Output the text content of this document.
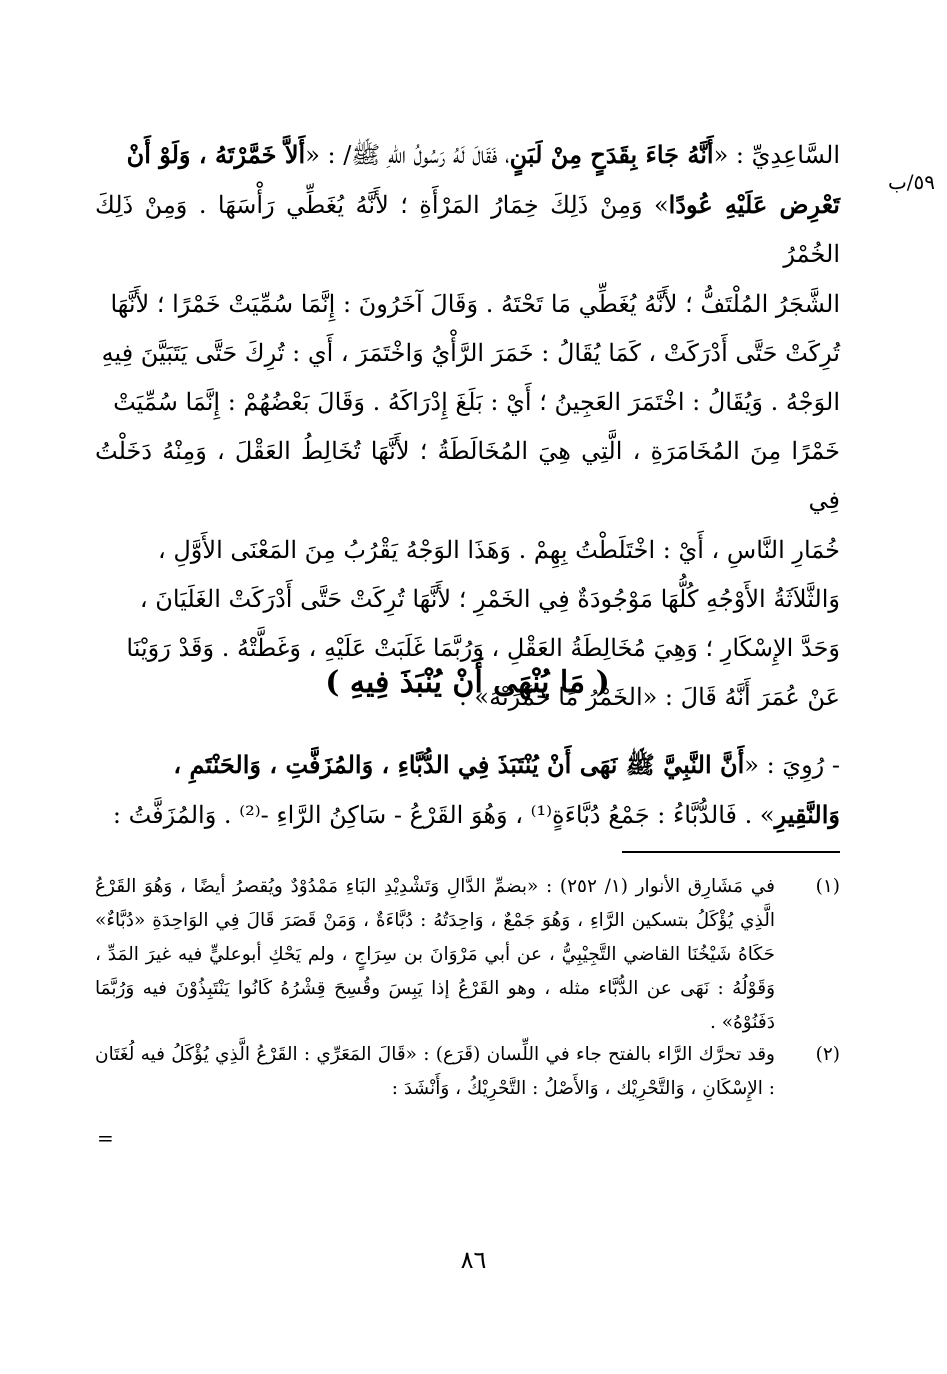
٥٩/ب

السَّاعِدِيِّ : «أَنَّهُ جَاءَ بِقَدَحٍ مِنْ لَبَنٍ، فَقَالَ لَهُ رَسُولُ اللهِ ﷺ/ : «أَلاَّ خَمَّرْتَهُ ، وَلَوْ أَنْ

تَعْرِض عَلَيْهِ عُودًا» وَمِنْ ذَلِكَ خِمَارُ المَرْأَةِ ؛ لأَنَّهُ يُغَطِّي رَأْسَهَا . وَمِنْ ذَلِكَ الخُمْرُ

الشَّجَرُ المُلْتَفُّ ؛ لأَنَّهُ يُغَطِّي مَا تَحْتَهُ . وَقَالَ آخَرُونَ : إِنَّمَا سُمِّيَتْ خَمْرًا ؛ لأَنَّهَا

تُرِكَتْ حَتَّى أَدْرَكَتْ ، كَمَا يُقَالُ : خَمَرَ الرَّأْيُ وَاخْتَمَرَ ، أَي : تُرِكَ حَتَّى يَتَبَيَّنَ فِيهِ

الوَجْهُ . وَيُقَالُ : اخْتَمَرَ العَجِينُ ؛ أَيْ : بَلَغَ إِدْرَاكَهُ . وَقَالَ بَعْضُهُمْ : إِنَّمَا سُمِّيَتْ

خَمْرًا مِنَ المُخَامَرَةِ ، الَّتِي هِيَ المُخَالَطَةُ ؛ لأَنَّهَا تُخَالِطُ العَقْلَ ، وَمِنْهُ دَخَلْتُ فِي

خُمَارِ النَّاسِ ، أَيْ : اخْتَلَطْتُ بِهِمْ . وَهَذَا الوَجْهُ يَقْرُبُ مِنَ المَعْنَى الأَوَّلِ ،

وَالثَّلاَثَةُ الأَوْجُهِ كُلُّهَا مَوْجُودَةٌ فِي الخَمْرِ ؛ لأَنَّهَا تُرِكَتْ حَتَّى أَدْرَكَتْ الغَلَيَانَ ،

وَحَدَّ الإِسْكَارِ ؛ وَهِيَ مُخَالِطَةُ العَقْلِ ، وَرُبَّمَا غَلَبَتْ عَلَيْهِ ، وَغَطَّتْهُ . وَقَدْ رَوَيْنَا

عَنْ عُمَرَ أَنَّهُ قَالَ : «الخَمْرُ مَا خَمَّرَتْهُ» .

( مَا يُنْهَى أَنْ يُنْبَذَ فِيهِ )

- رُوِيَ : «أَنَّ النَّبِيَّ ﷺ نَهَى أَنْ يُنْتَبَذَ فِي الدُّبَّاءِ ، وَالمُزَفَّتِ ، وَالحَنْتَمِ ،

وَالنَّقِيرِ» . فَالدُّبَّاءُ : جَمْعُ دُبَّاءَةٍ⁽¹⁾ ، وَهُوَ القَرْعُ - سَاكِنُ الرَّاءِ -⁽²⁾ . وَالمُزَفَّتُ :

(١)
في مَشَارِق الأنوار (١/ ٢٥٢) : «بضمِّ الدَّالِ وَتَشْدِيْدِ البَاءِ مَمْدُوْدٌ ويُقصرُ أيضًا ، وَهُوَ القَرْعُ الَّذِي يُؤْكَلُ بتسكين الرَّاءِ ، وَهُوَ جَمْعٌ ، وَاحِدَتُهُ : دُبَّاءَةٌ ، وَمَنْ قَصَرَ قَالَ فِي الوَاحِدَةِ «دُبَّاءٌ» حَكَاهُ شَيْخُنَا القاضي التَّجِيْبِيُّ ، عن أبي مَرْوَانَ بن سِرَاجٍ ، ولم يَحْكِ أبوعليٍّ فيه غيرَ المَدِّ ، وَقَوْلُهُ : نَهَى عن الدُّبَّاء مثله ، وهو القَرْعُ إذا يَبِسَ وقُسِحَ قِشْرُهُ كَانُوا يَنْتَبِذُوْنَ فيه وَرُبَّمَا دَفَنُوْهُ» .
(٢)
وقد تحرَّك الرَّاء بالفتح جاء في اللِّسان (قَرَع) : «قَالَ المَعَرِّي : القَرْعُ الَّذِي يُؤْكَلُ فيه لُغَتَان : الإِسْكَانِ ، وَالتَّحْرِيْك ، وَالأَصْلُ : التَّحْرِيْكُ ، وَأَنْشَدَ :
=
٨٦
